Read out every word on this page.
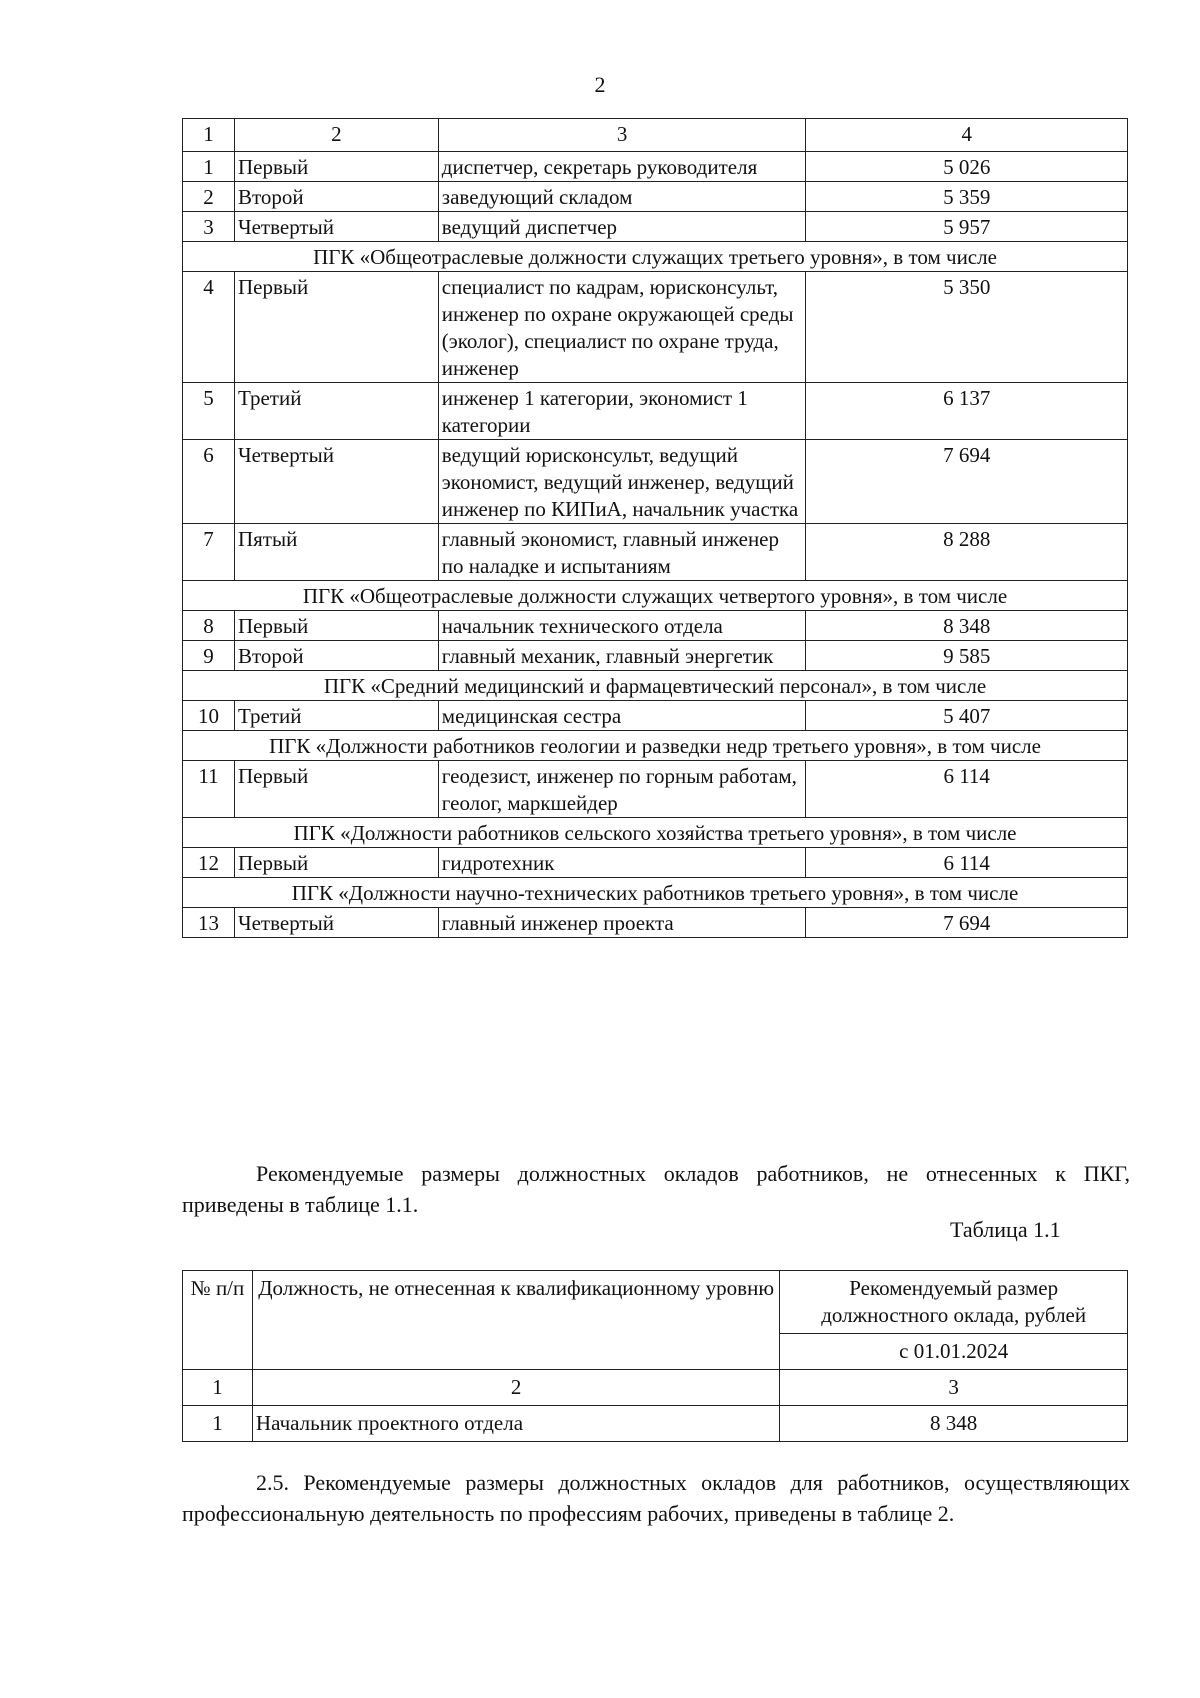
2
1	2	3	4
1	Первый	диспетчер, секретарь руководителя	5 026
2	Второй	заведующий складом	5 359
3	Четвертый	ведущий диспетчер	5 957
ПГК «Общеотраслевые должности служащих третьего уровня», в том числе			
4	Первый	специалист по кадрам, юрисконсульт, инженер по охране окружающей среды (эколог), специалист по охране труда, инженер	5 350
5	Третий	инженер 1 категории, экономист 1 категории	6 137
6	Четвертый	ведущий юрисконсульт, ведущий экономист, ведущий инженер, ведущий инженер по КИПиА, начальник участка	7 694
7	Пятый	главный экономист, главный инженер по наладке и испытаниям	8 288
ПГК «Общеотраслевые должности служащих четвертого уровня», в том числе			
8	Первый	начальник технического отдела	8 348
9	Второй	главный механик, главный энергетик	9 585
ПГК «Средний медицинский и фармацевтический персонал», в том числе			
10	Третий	медицинская сестра	5 407
ПГК «Должности работников геологии и разведки недр третьего уровня», в том числе			
11	Первый	геодезист, инженер по горным работам, геолог, маркшейдер	6 114
ПГК «Должности работников сельского хозяйства третьего уровня», в том числе			
12	Первый	гидротехник	6 114
ПГК «Должности научно-технических работников третьего уровня», в том числе			
13	Четвертый	главный инженер проекта	7 694
Рекомендуемые размеры должностных окладов работников, не отнесенных к ПКГ, приведены в таблице 1.1.
Таблица 1.1
№ п/п	Должность, не отнесенная к квалификационному уровню	Рекомендуемый размер должностного оклада, рублей
		с 01.01.2024
1	2	3
1	Начальник проектного отдела	8 348
2.5. Рекомендуемые размеры должностных окладов для работников, осуществляющих профессиональную деятельность по профессиям рабочих, приведены в таблице 2.
